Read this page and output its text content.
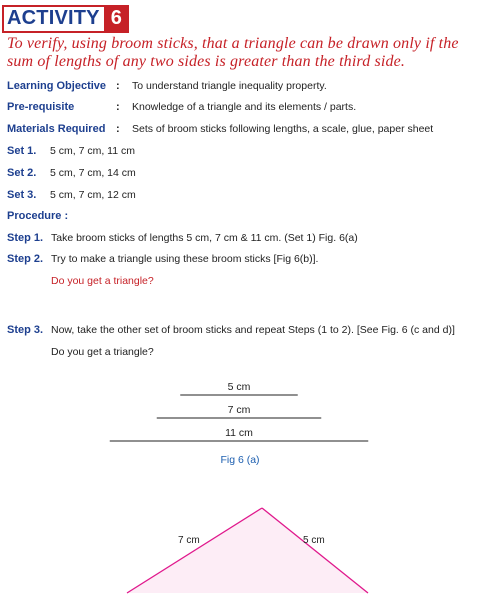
ACTIVITY 6
To verify, using broom sticks, that a triangle can be drawn only if the sum of lengths of any two sides is greater than the third side.
Learning Objective : To understand triangle inequality property.
Pre-requisite	: Knowledge of a triangle and its elements / parts.
Materials Required : Sets of broom sticks following lengths, a scale, glue, paper sheet
Set 1. 5 cm, 7 cm, 11 cm
Set 2. 5 cm, 7 cm, 14 cm
Set 3. 5 cm, 7 cm, 12 cm
Procedure :
Step 1. Take broom sticks of lengths 5 cm, 7 cm & 11 cm. (Set 1) Fig. 6(a)
Step 2. Try to make a triangle using these broom sticks [Fig 6(b)].
Do you get a triangle?
Step 3. Now, take the other set of broom sticks and repeat Steps (1 to 2). [See Fig. 6 (c and d)]
Do you get a triangle?
5 cm
7 cm
11 cm
Fig 6 (a)
7 cm	5 cm
